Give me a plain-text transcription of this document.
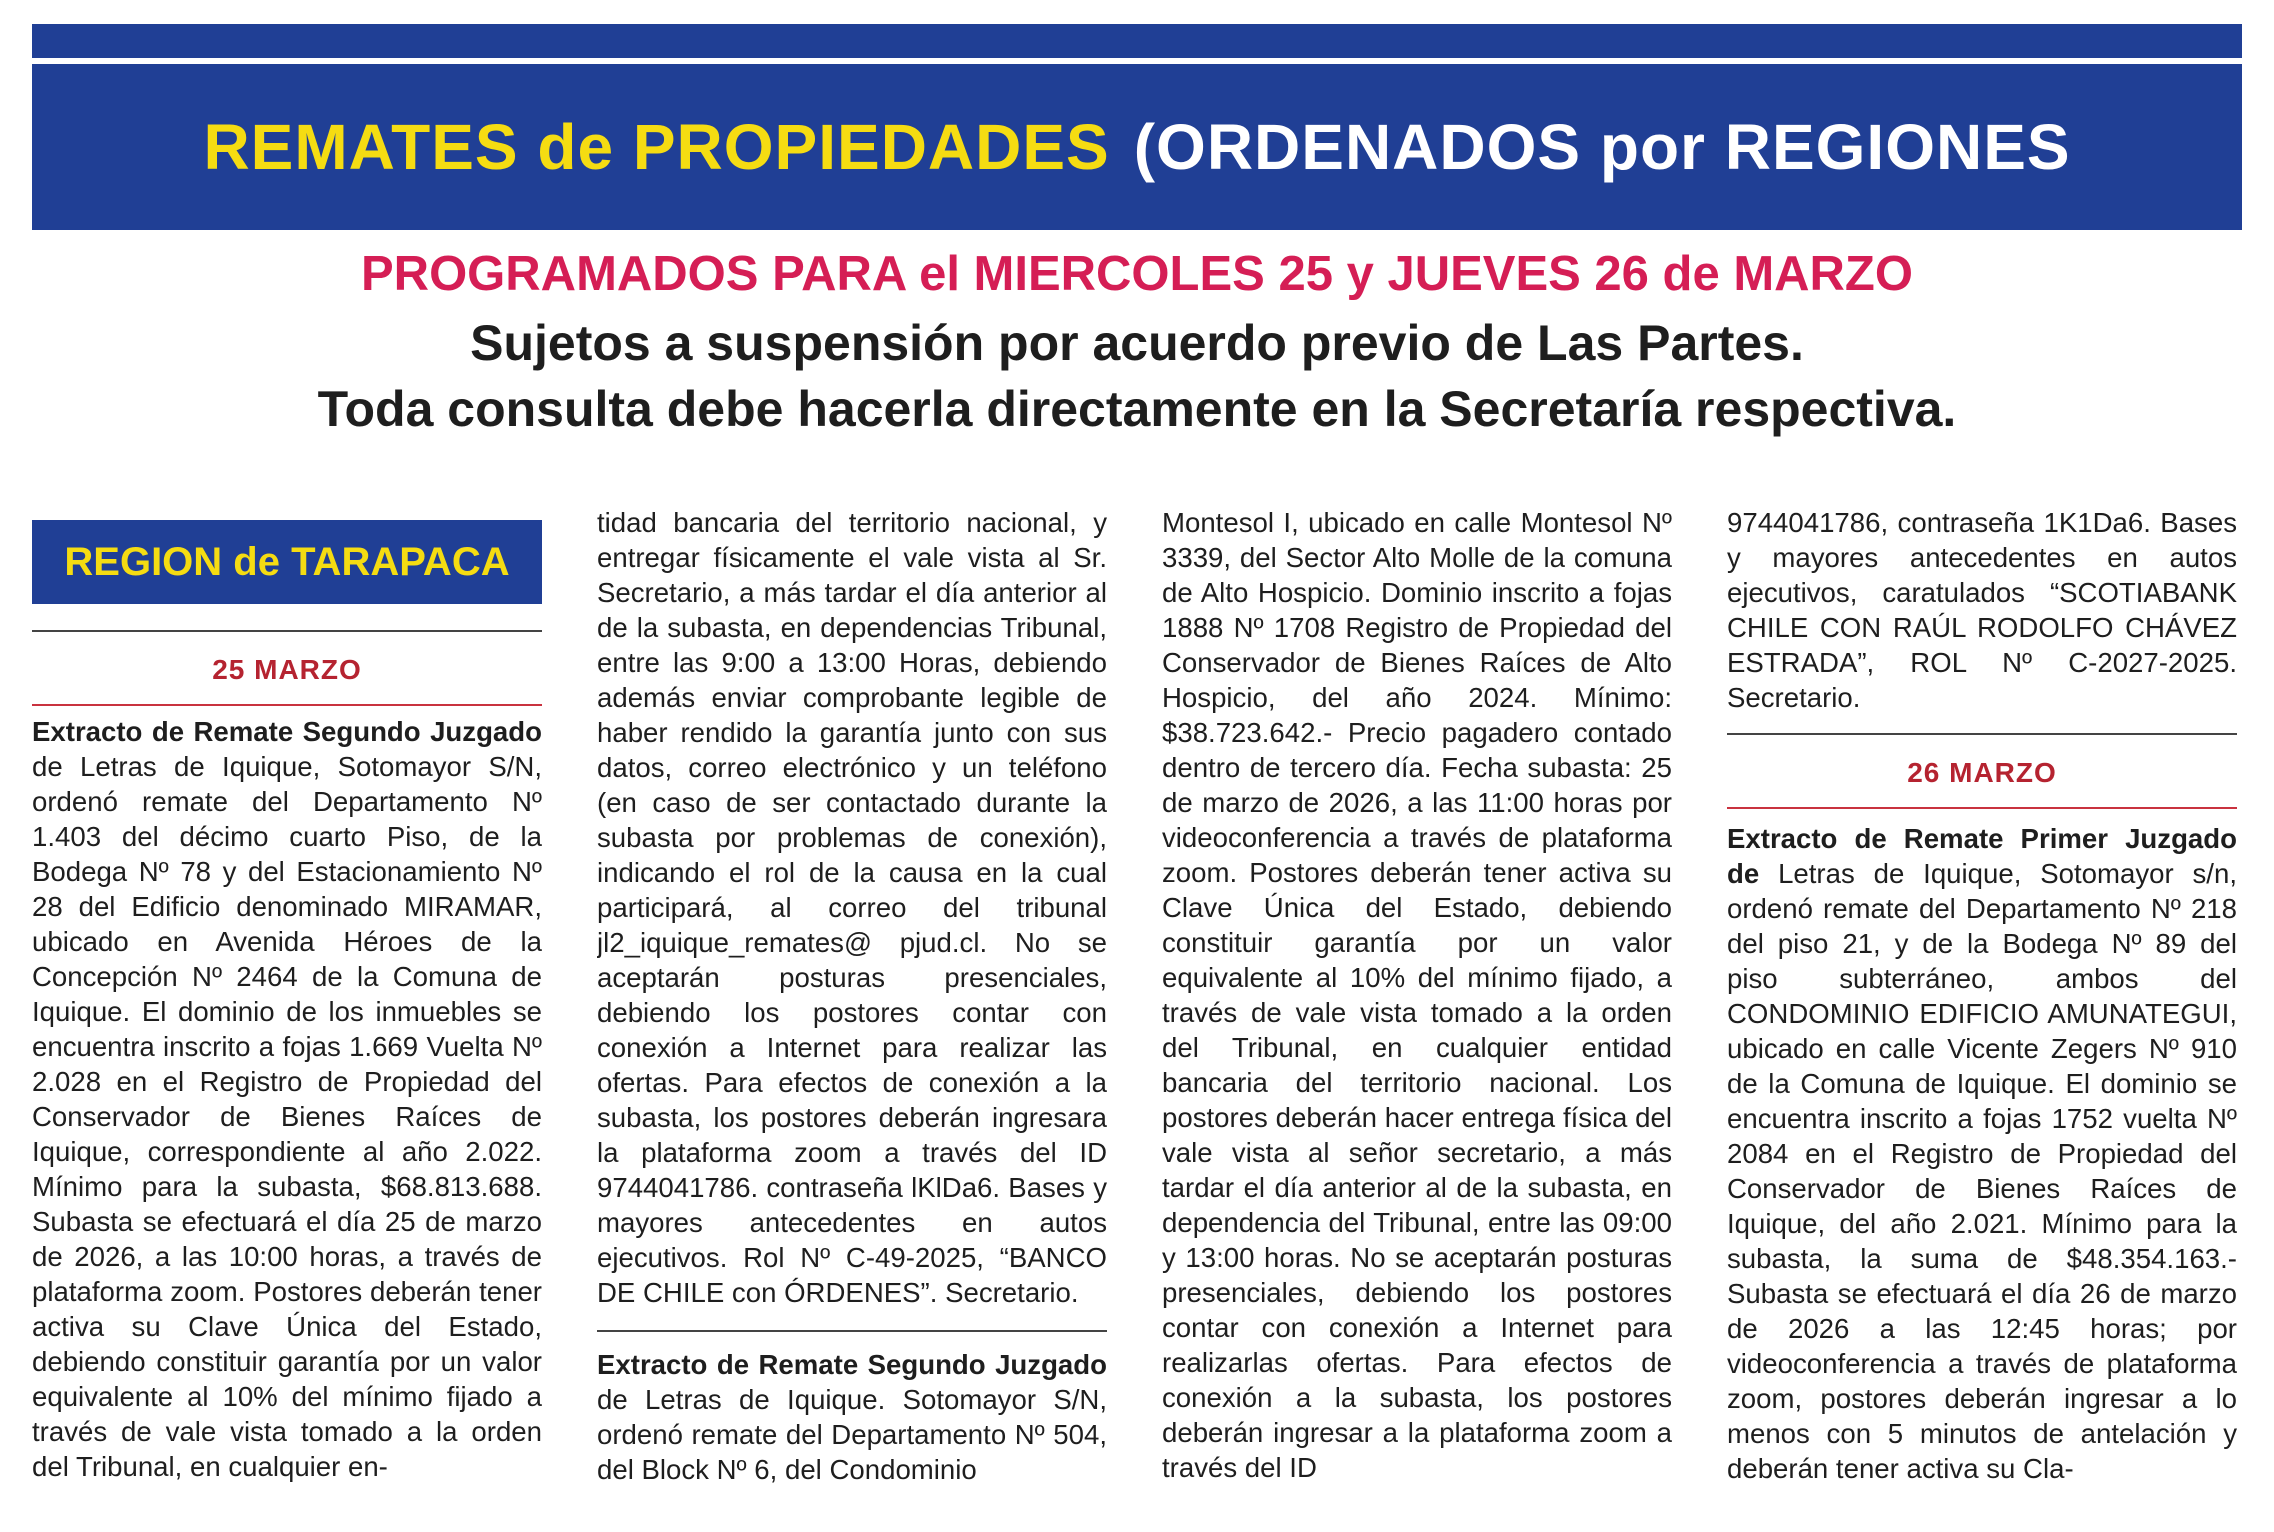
REMATES de PROPIEDADES (ORDENADOS por REGIONES
PROGRAMADOS PARA el MIERCOLES 25 y JUEVES 26 de MARZO
Sujetos a suspensión por acuerdo previo de Las Partes.
Toda consulta debe hacerla directamente en la Secretaría respectiva.
REGION de TARAPACA
25 MARZO

Extracto de Remate Segundo Juzgado de Letras de Iquique, Sotomayor S/N, ordenó remate del Departamento Nº 1.403 del décimo cuarto Piso, de la Bodega Nº 78 y del Estacionamiento Nº 28 del Edificio denominado MIRAMAR, ubicado en Avenida Héroes de la Concepción Nº 2464 de la Comuna de Iquique. El dominio de los inmuebles se encuentra inscrito a fojas 1.669 Vuelta Nº 2.028 en el Registro de Propiedad del Conservador de Bienes Raíces de Iquique, correspondiente al año 2.022. Mínimo para la subasta, $68.813.688. Subasta se efectuará el día 25 de marzo de 2026, a las 10:00 horas, a través de plataforma zoom. Postores deberán tener activa su Clave Única del Estado, debiendo constituir garantía por un valor equivalente al 10% del mínimo fijado a través de vale vista tomado a la orden del Tribunal, en cualquier en-

tidad bancaria del territorio nacional, y entregar físicamente el vale vista al Sr. Secretario, a más tardar el día anterior al de la subasta, en dependencias Tribunal, entre las 9:00 a 13:00 Horas, debiendo además enviar comprobante legible de haber rendido la garantía junto con sus datos, correo electrónico y un teléfono (en caso de ser contactado durante la subasta por problemas de conexión), indicando el rol de la causa en la cual participará, al correo del tribunal jl2_iquique_remates@ pjud.cl. No se aceptarán posturas presenciales, debiendo los postores contar con conexión a Internet para realizar las ofertas. Para efectos de conexión a la subasta, los postores deberán ingresara la plataforma zoom a través del ID 9744041786. contraseña lKlDa6. Bases y mayores antecedentes en autos ejecutivos. Rol Nº C-49-2025, “BANCO DE CHILE con ÓRDENES”. Secretario.

Extracto de Remate Segundo Juzgado de Letras de Iquique. Sotomayor S/N, ordenó remate del Departamento Nº 504, del Block Nº 6, del Condominio

Montesol I, ubicado en calle Montesol Nº 3339, del Sector Alto Molle de la comuna de Alto Hospicio. Dominio inscrito a fojas 1888 Nº 1708 Registro de Propiedad del Conservador de Bienes Raíces de Alto Hospicio, del año 2024. Mínimo: $38.723.642.- Precio pagadero contado dentro de tercero día. Fecha subasta: 25 de marzo de 2026, a las 11:00 horas por videoconferencia a través de plataforma zoom. Postores deberán tener activa su Clave Única del Estado, debiendo constituir garantía por un valor equivalente al 10% del mínimo fijado, a través de vale vista tomado a la orden del Tribunal, en cualquier entidad bancaria del territorio nacional. Los postores deberán hacer entrega física del vale vista al señor secretario, a más tardar el día anterior al de la subasta, en dependencia del Tribunal, entre las 09:00 y 13:00 horas. No se aceptarán posturas presenciales, debiendo los postores contar con conexión a Internet para realizarlas ofertas. Para efectos de conexión a la subasta, los postores deberán ingresar a la plataforma zoom a través del ID

9744041786, contraseña 1K1Da6. Bases y mayores antecedentes en autos ejecutivos, caratulados “SCOTIABANK CHILE CON RAÚL RODOLFO CHÁVEZ ESTRADA”, ROL Nº C-2027-2025. Secretario.

26 MARZO

Extracto de Remate Primer Juzgado de Letras de Iquique, Sotomayor s/n, ordenó remate del Departamento Nº 218 del piso 21, y de la Bodega Nº 89 del piso subterráneo, ambos del CONDOMINIO EDIFICIO AMUNATEGUI, ubicado en calle Vicente Zegers Nº 910 de la Comuna de Iquique. El dominio se encuentra inscrito a fojas 1752 vuelta Nº 2084 en el Registro de Propiedad del Conservador de Bienes Raíces de Iquique, del año 2.021. Mínimo para la subasta, la suma de $48.354.163.- Subasta se efectuará el día 26 de marzo de 2026 a las 12:45 horas; por videoconferencia a través de plataforma zoom, postores deberán ingresar a lo menos con 5 minutos de antelación y deberán tener activa su Cla-
